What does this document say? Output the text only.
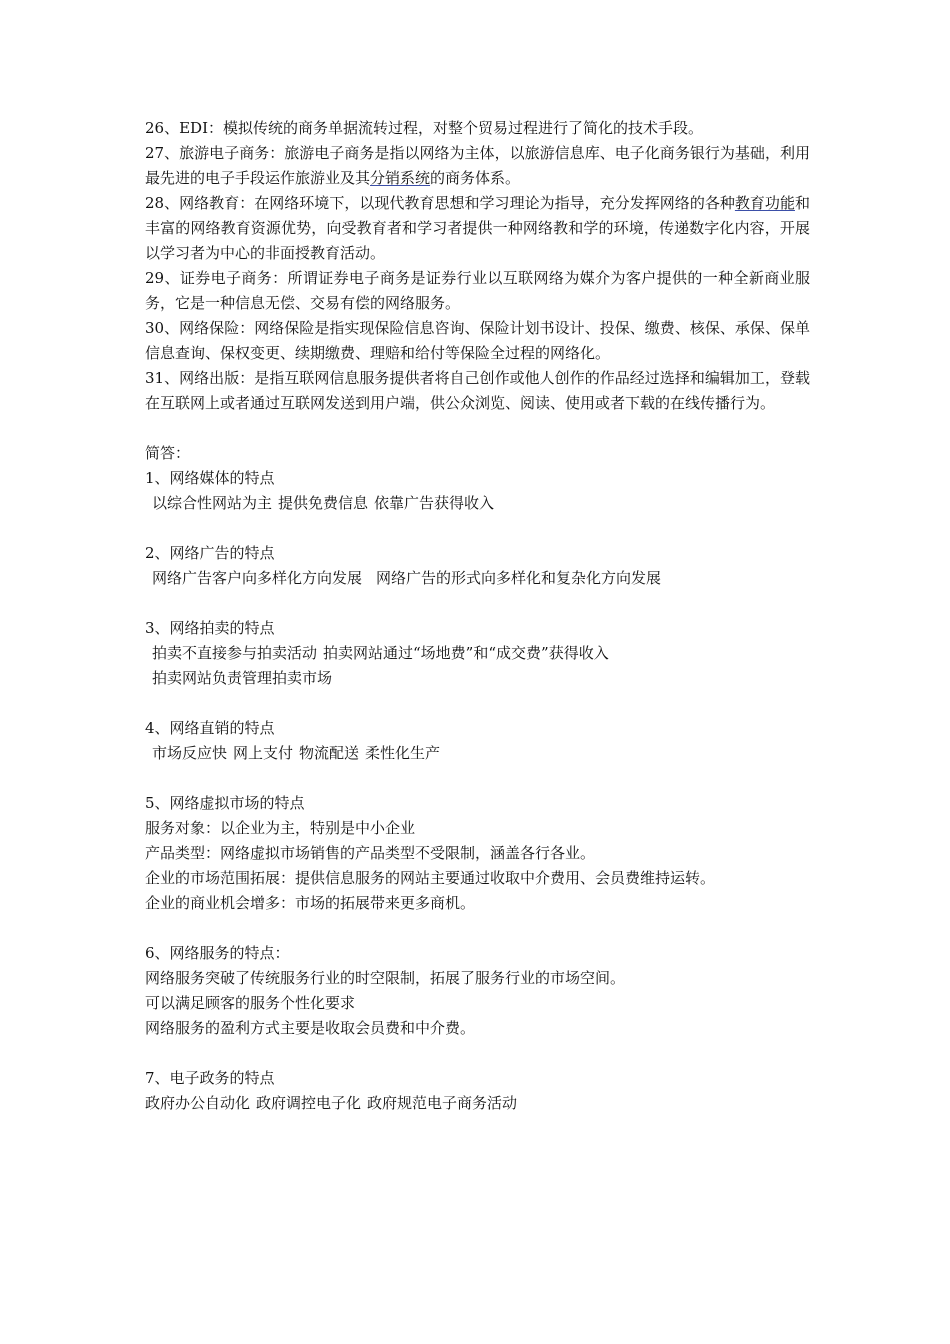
26、EDI：模拟传统的商务单据流转过程，对整个贸易过程进行了简化的技术手段。

27、旅游电子商务：旅游电子商务是指以网络为主体，以旅游信息库、电子化商务银行为基础，利用最先进的电子手段运作旅游业及其分销系统的商务体系。

28、网络教育：在网络环境下，以现代教育思想和学习理论为指导，充分发挥网络的各种教育功能和丰富的网络教育资源优势，向受教育者和学习者提供一种网络教和学的环境，传递数字化内容，开展以学习者为中心的非面授教育活动。

29、证券电子商务：所谓证券电子商务是证券行业以互联网络为媒介为客户提供的一种全新商业服务，它是一种信息无偿、交易有偿的网络服务。

30、网络保险：网络保险是指实现保险信息咨询、保险计划书设计、投保、缴费、核保、承保、保单信息查询、保权变更、续期缴费、理赔和给付等保险全过程的网络化。

31、网络出版：是指互联网信息服务提供者将自己创作或他人创作的作品经过选择和编辑加工，登载在互联网上或者通过互联网发送到用户端，供公众浏览、阅读、使用或者下载的在线传播行为。

简答：

1、网络媒体的特点

以综合性网站为主 提供免费信息 依靠广告获得收入

2、网络广告的特点

网络广告客户向多样化方向发展 网络广告的形式向多样化和复杂化方向发展

3、网络拍卖的特点

拍卖不直接参与拍卖活动 拍卖网站通过“场地费”和“成交费”获得收入

拍卖网站负责管理拍卖市场

4、网络直销的特点

市场反应快 网上支付 物流配送 柔性化生产

5、网络虚拟市场的特点

服务对象：以企业为主，特别是中小企业

产品类型：网络虚拟市场销售的产品类型不受限制，涵盖各行各业。

企业的市场范围拓展：提供信息服务的网站主要通过收取中介费用、会员费维持运转。

企业的商业机会增多：市场的拓展带来更多商机。

6、网络服务的特点：

网络服务突破了传统服务行业的时空限制，拓展了服务行业的市场空间。

可以满足顾客的服务个性化要求

网络服务的盈利方式主要是收取会员费和中介费。

7、电子政务的特点

政府办公自动化 政府调控电子化 政府规范电子商务活动
